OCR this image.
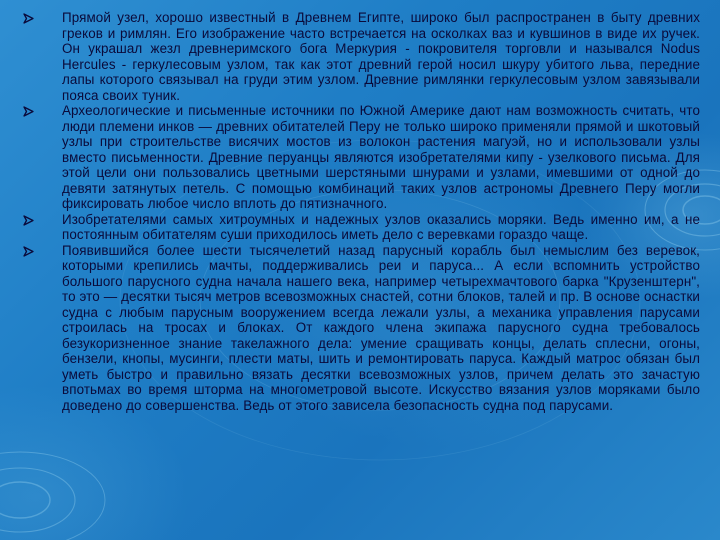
Прямой узел, хорошо известный в Древнем Египте, широко был распространен в быту древних греков и римлян. Его изображение часто встречается на осколках ваз и кувшинов в виде их ручек. Он украшал жезл древнеримского бога Меркурия - покровителя торговли и назывался Nodus Hercules - геркулесовым узлом, так как этот древний герой носил шкуру убитого льва, передние лапы которого связывал на груди этим узлом. Древние римлянки геркулесовым узлом завязывали пояса своих туник.
Археологические и письменные источники по Южной Америке дают нам возможность считать, что люди племени инков — древних обитателей Перу не только широко применяли прямой и шкотовый узлы при строительстве висячих мостов из волокон растения магуэй, но и использовали узлы вместо письменности. Древние перуанцы являются изобретателями кипу - узелкового письма. Для этой цели они пользовались цветными шерстяными шнурами и узлами, имевшими от одной до девяти затянутых петель. С помощью комбинаций таких узлов астрономы Древнего Перу могли фиксировать любое число вплоть до пятизначного.
Изобретателями самых хитроумных и надежных узлов оказались моряки. Ведь именно им, а не постоянным обитателям суши приходилось иметь дело с веревками гораздо чаще.
Появившийся более шести тысячелетий назад парусный корабль был немыслим без веревок, которыми крепились мачты, поддерживались реи и паруса... А если вспомнить устройство большого парусного судна начала нашего века, например четырехмачтового барка "Крузенштерн", то это — десятки тысяч метров всевозможных снастей, сотни блоков, талей и пр. В основе оснастки судна с любым парусным вооружением всегда лежали узлы, а механика управления парусами строилась на тросах и блоках. От каждого члена экипажа парусного судна требовалось безукоризненное знание такелажного дела: умение сращивать концы, делать сплесни, огоны, бензели, кнопы, мусинги, плести маты, шить и ремонтировать паруса. Каждый матрос обязан был уметь быстро и правильно вязать десятки всевозможных узлов, причем делать это зачастую впотьмах во время шторма на многометровой высоте. Искусство вязания узлов моряками было доведено до совершенства. Ведь от этого зависела безопасность судна под парусами.
